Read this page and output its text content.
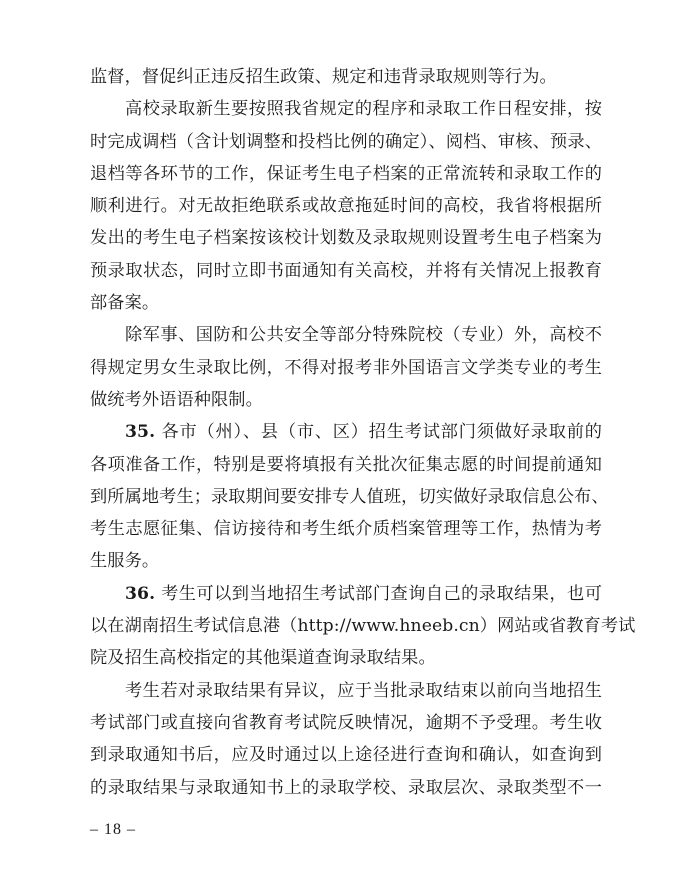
监督，督促纠正违反招生政策、规定和违背录取规则等行为。
高校录取新生要按照我省规定的程序和录取工作日程安排，按
时完成调档（含计划调整和投档比例的确定）、阅档、审核、预录、
退档等各环节的工作，保证考生电子档案的正常流转和录取工作的
顺利进行。对无故拒绝联系或故意拖延时间的高校，我省将根据所
发出的考生电子档案按该校计划数及录取规则设置考生电子档案为
预录取状态，同时立即书面通知有关高校，并将有关情况上报教育
部备案。
除军事、国防和公共安全等部分特殊院校（专业）外，高校不
得规定男女生录取比例，不得对报考非外国语言文学类专业的考生
做统考外语语种限制。
35. 各市（州）、县（市、区）招生考试部门须做好录取前的
各项准备工作，特别是要将填报有关批次征集志愿的时间提前通知
到所属地考生；录取期间要安排专人值班，切实做好录取信息公布、
考生志愿征集、信访接待和考生纸介质档案管理等工作，热情为考
生服务。
36. 考生可以到当地招生考试部门查询自己的录取结果，也可
以在湖南招生考试信息港（http://www.hneeb.cn）网站或省教育考试
院及招生高校指定的其他渠道查询录取结果。
考生若对录取结果有异议，应于当批录取结束以前向当地招生
考试部门或直接向省教育考试院反映情况，逾期不予受理。考生收
到录取通知书后，应及时通过以上途径进行查询和确认，如查询到
的录取结果与录取通知书上的录取学校、录取层次、录取类型不一
– 18 –
